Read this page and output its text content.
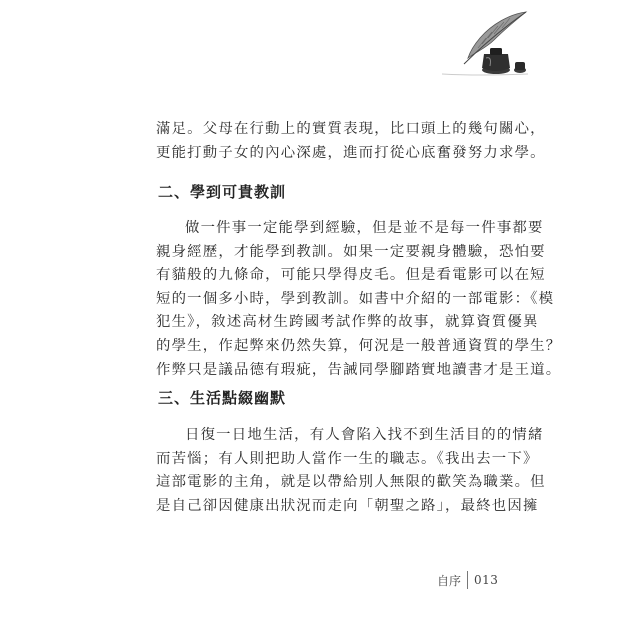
滿足。父母在行動上的實質表現，比口頭上的幾句關心，
更能打動子女的內心深處，進而打從心底奮發努力求學。

二、學到可貴教訓

做一件事一定能學到經驗，但是並不是每一件事都要
親身經歷，才能學到教訓。如果一定要親身體驗，恐怕要
有貓般的九條命，可能只學得皮毛。但是看電影可以在短
短的一個多小時，學到教訓。如書中介紹的一部電影：《模
犯生》，敘述高材生跨國考試作弊的故事，就算資質優異
的學生，作起弊來仍然失算，何況是一般普通資質的學生？
作弊只是議品德有瑕疵，告誡同學腳踏實地讀書才是王道。

三、生活點綴幽默

日復一日地生活，有人會陷入找不到生活目的的情緒
而苦惱；有人則把助人當作一生的職志。《我出去一下》
這部電影的主角，就是以帶給別人無限的歡笑為職業。但
是自己卻因健康出狀況而走向「朝聖之路」，最終也因擁

自序 013
